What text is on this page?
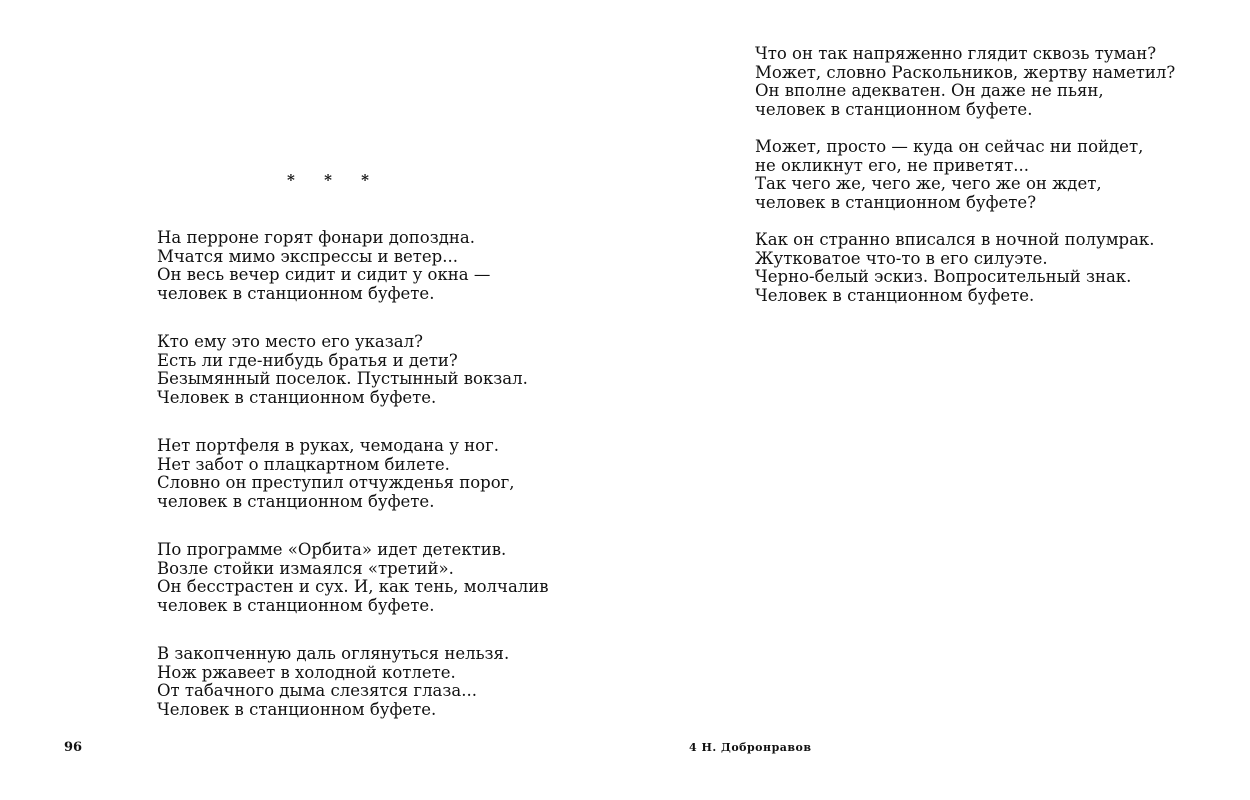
* * *
На перроне горят фонари допоздна.
Мчатся мимо экспрессы и ветер...
Он весь вечер сидит и сидит у окна —
человек в станционном буфете.
Кто ему это место его указал?
Есть ли где-нибудь братья и дети?
Безымянный поселок. Пустынный вокзал.
Человек в станционном буфете.
Нет портфеля в руках, чемодана у ног.
Нет забот о плацкартном билете.
Словно он преступил отчужденья порог,
человек в станционном буфете.
По программе «Орбита» идет детектив.
Возле стойки измаялся «третий».
Он бесстрастен и сух. И, как тень, молчалив
человек в станционном буфете.
В закопченную даль оглянуться нельзя.
Нож ржавеет в холодной котлете.
От табачного дыма слезятся глаза...
Человек в станционном буфете.
96
Что он так напряженно глядит сквозь туман?
Может, словно Раскольников, жертву наметил?
Он вполне адекватен. Он даже не пьян,
человек в станционном буфете.
Может, просто — куда он сейчас ни пойдет,
не окликнут его, не приветят...
Так чего же, чего же, чего же он ждет,
человек в станционном буфете?
Как он странно вписался в ночной полумрак.
Жутковатое что-то в его силуэте.
Черно-белый эскиз. Вопросительный знак.
Человек в станционном буфете.
4 Н. Добронравов
